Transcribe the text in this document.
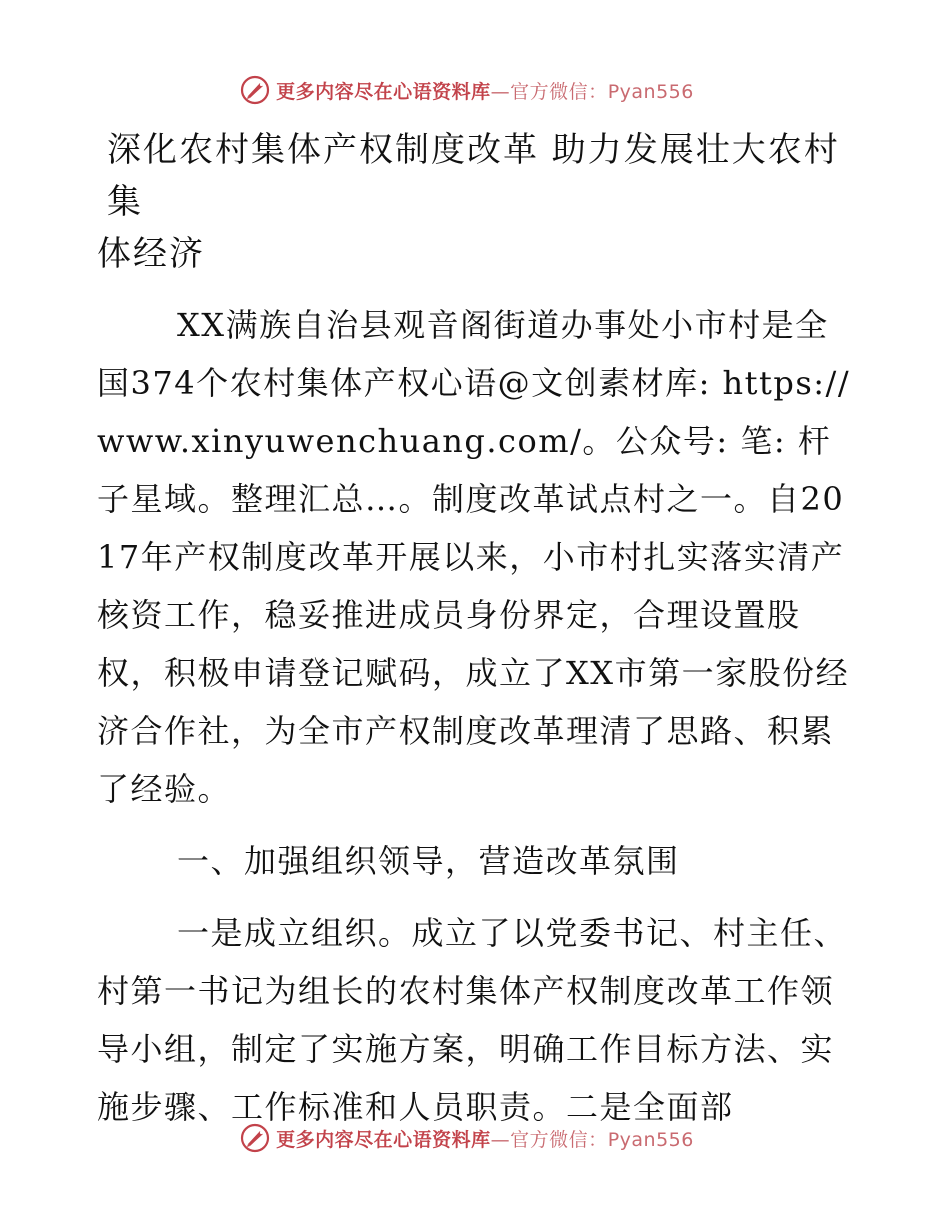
更多内容尽在心语资料库—官方微信：Pyan556
深化农村集体产权制度改革 助力发展壮大农村集
体经济

XX满族自治县观音阁街道办事处小市村是全国374个农村集体产权心语@文创素材库: https://www.xinyuwenchuang.com/。公众号: 笔: 杆子星域。整理汇总…。制度改革试点村之一。自2017年产权制度改革开展以来，小市村扎实落实清产核资工作，稳妥推进成员身份界定，合理设置股权，积极申请登记赋码，成立了XX市第一家股份经济合作社，为全市产权制度改革理清了思路、积累了经验。

一、加强组织领导，营造改革氛围

一是成立组织。成立了以党委书记、村主任、村第一书记为组长的农村集体产权制度改革工作领导小组，制定了实施方案，明确工作目标方法、实施步骤、工作标准和人员职责。二是全面部

更多内容尽在心语资料库—官方微信：Pyan556
